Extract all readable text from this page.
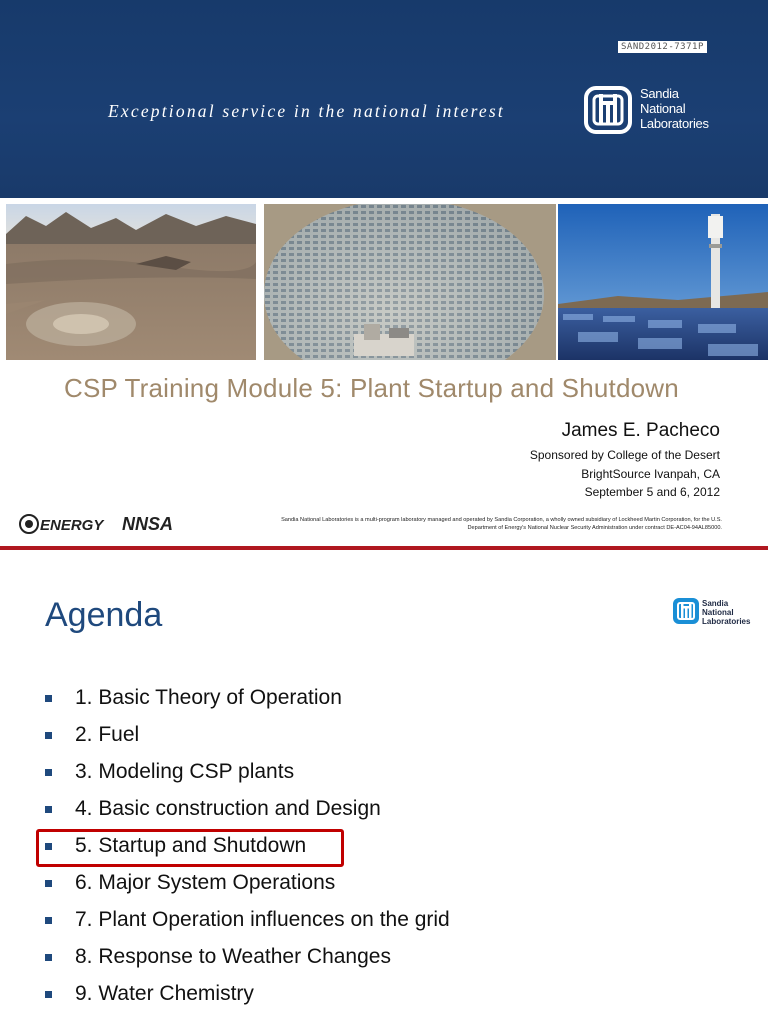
SAND2012-7371P
Exceptional service in the national interest
Sandia
National
Laboratories
CSP Training Module 5: Plant Startup and Shutdown
James E. Pacheco
Sponsored by College of the Desert
BrightSource Ivanpah, CA
September 5 and 6, 2012
ENERGY NNSA	Sandia National Laboratories is a multi-program laboratory managed and operated by Sandia Corporation, a wholly owned subsidiary of Lockheed Martin Corporation, for the U.S. Department of Energy's National Nuclear Security Administration under contract DE-AC04-94AL85000.
Agenda	Sandia
National
Laboratories
1. Basic Theory of Operation
2. Fuel
3. Modeling CSP plants
4. Basic construction and Design
5. Startup and Shutdown
6. Major System Operations
7. Plant Operation influences on the grid
8. Response to Weather Changes
9. Water Chemistry
